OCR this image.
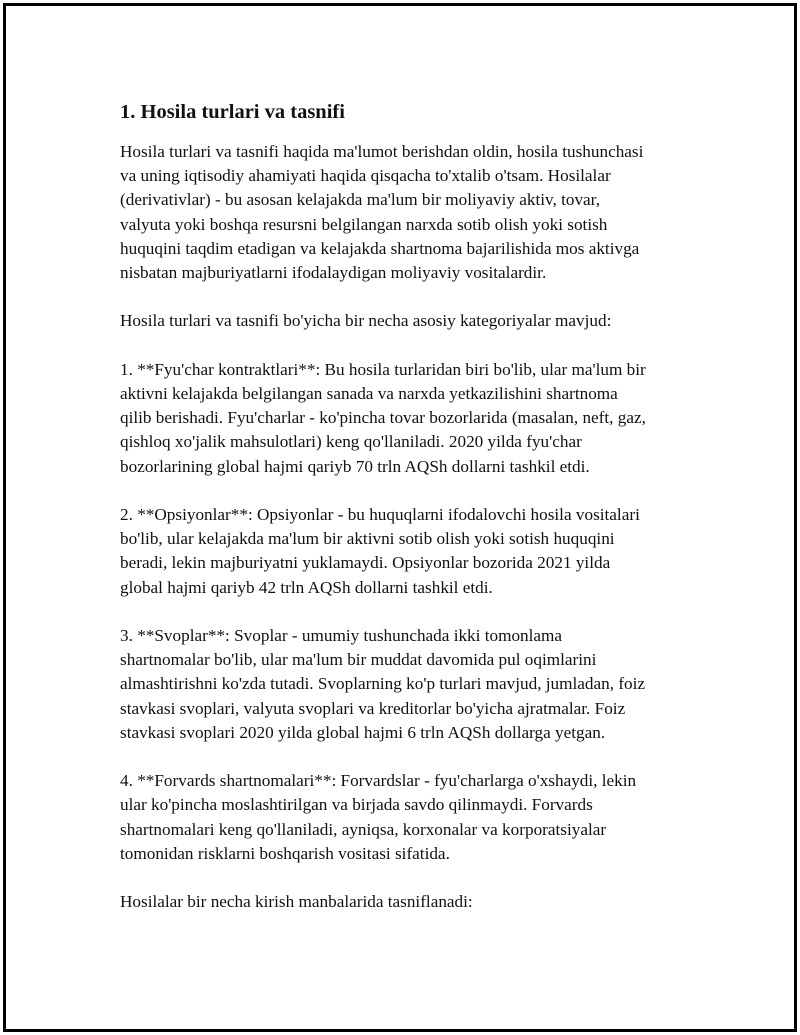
1. Hosila turlari va tasnifi

Hosila turlari va tasnifi haqida ma'lumot berishdan oldin, hosila tushunchasi
va uning iqtisodiy ahamiyati haqida qisqacha to'xtalib o'tsam. Hosilalar
(derivativlar) - bu asosan kelajakda ma'lum bir moliyaviy aktiv, tovar,
valyuta yoki boshqa resursni belgilangan narxda sotib olish yoki sotish
huquqini taqdim etadigan va kelajakda shartnoma bajarilishida mos aktivga
nisbatan majburiyatlarni ifodalaydigan moliyaviy vositalardir.

Hosila turlari va tasnifi bo'yicha bir necha asosiy kategoriyalar mavjud:

1. **Fyu'char kontraktlari**: Bu hosila turlaridan biri bo'lib, ular ma'lum bir
aktivni kelajakda belgilangan sanada va narxda yetkazilishini shartnoma
qilib berishadi. Fyu'charlar - ko'pincha tovar bozorlarida (masalan, neft, gaz,
qishloq xo'jalik mahsulotlari) keng qo'llaniladi. 2020 yilda fyu'char
bozorlarining global hajmi qariyb 70 trln AQSh dollarni tashkil etdi.

2. **Opsiyonlar**: Opsiyonlar - bu huquqlarni ifodalovchi hosila vositalari
bo'lib, ular kelajakda ma'lum bir aktivni sotib olish yoki sotish huquqini
beradi, lekin majburiyatni yuklamaydi. Opsiyonlar bozorida 2021 yilda
global hajmi qariyb 42 trln AQSh dollarni tashkil etdi.

3. **Svoplar**: Svoplar - umumiy tushunchada ikki tomonlama
shartnomalar bo'lib, ular ma'lum bir muddat davomida pul oqimlarini
almashtirishni ko'zda tutadi. Svoplarning ko'p turlari mavjud, jumladan, foiz
stavkasi svoplari, valyuta svoplari va kreditorlar bo'yicha ajratmalar. Foiz
stavkasi svoplari 2020 yilda global hajmi 6 trln AQSh dollarga yetgan.

4. **Forvards shartnomalari**: Forvardslar - fyu'charlarga o'xshaydi, lekin
ular ko'pincha moslashtirilgan va birjada savdo qilinmaydi. Forvards
shartnomalari keng qo'llaniladi, ayniqsa, korxonalar va korporatsiyalar
tomonidan risklarni boshqarish vositasi sifatida.

Hosilalar bir necha kirish manbalarida tasniflanadi:
